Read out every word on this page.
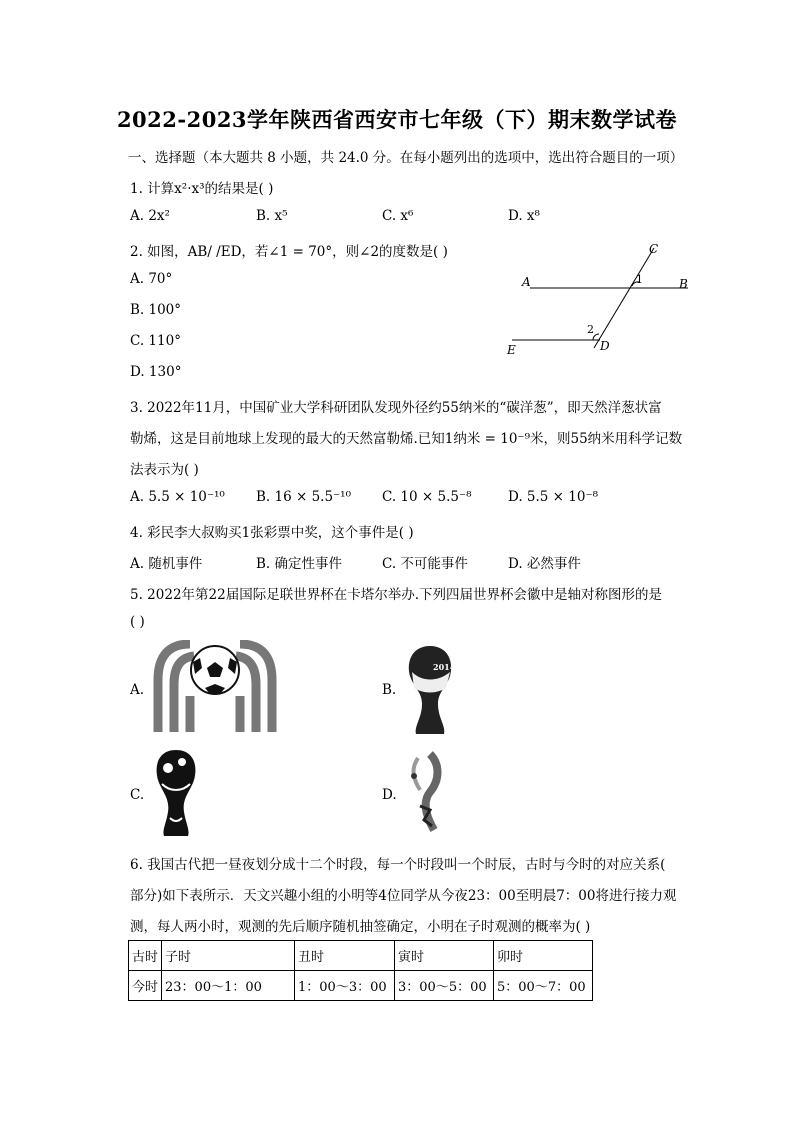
2022-2023学年陕西省西安市七年级（下）期末数学试卷
一、选择题（本大题共 8 小题，共 24.0 分。在每小题列出的选项中，选出符合题目的一项）
1. 计算x²·x³的结果是( )
A. 2x²	B. x⁵	C. x⁶	D. x⁸
2. 如图，AB/ /ED，若∠1 = 70°，则∠2的度数是( )
A. 70°
B. 100°
C. 110°
D. 130°
A	B
C
D
E
1
2
3. 2022年11月，中国矿业大学科研团队发现外径约55纳米的“碳洋葱”，即天然洋葱状富
勒烯，这是目前地球上发现的最大的天然富勒烯.已知1纳米 = 10⁻⁹米，则55纳米用科学记数
法表示为( )
A. 5.5 × 10⁻¹⁰ B. 16 × 5.5⁻¹⁰ C. 10 × 5.5⁻⁸	D. 5.5 × 10⁻⁸
4. 彩民李大叔购买1张彩票中奖，这个事件是( )
A. 随机事件	B. 确定性事件	C. 不可能事件	D. 必然事件
5. 2022年第22届国际足联世界杯在卡塔尔举办.下列四届世界杯会徽中是轴对称图形的是
( )
A.	B.
2014
C.	D.
6. 我国古代把一昼夜划分成十二个时段，每一个时段叫一个时辰，古时与今时的对应关系(
部分)如下表所示．天文兴趣小组的小明等4位同学从今夜23：00至明晨7：00将进行接力观
测，每人两小时，观测的先后顺序随机抽签确定，小明在子时观测的概率为( )
古时	子时	丑时	寅时	卯时
今时	23：00～1：00	1：00～3：00	3：00～5：00	5：00～7：00
